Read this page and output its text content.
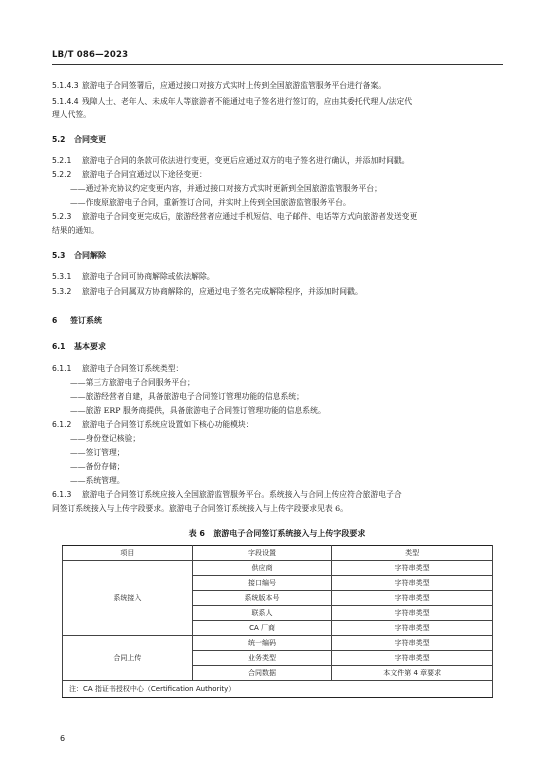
LB/T 086—2023
5.1.4.3 旅游电子合同签署后，应通过接口对接方式实时上传到全国旅游监管服务平台进行备案。
5.1.4.4 残障人士、老年人、未成年人等旅游者不能通过电子签名进行签订的，应由其委托代理人/法定代
理人代签。
5.2 合同变更
5.2.1 旅游电子合同的条款可依法进行变更，变更后应通过双方的电子签名进行确认，并添加时间戳。
5.2.2 旅游电子合同宜通过以下途径变更：
——通过补充协议约定变更内容，并通过接口对接方式实时更新到全国旅游监管服务平台；
——作废原旅游电子合同，重新签订合同，并实时上传到全国旅游监管服务平台。
5.2.3 旅游电子合同变更完成后，旅游经营者应通过手机短信、电子邮件、电话等方式向旅游者发送变更
结果的通知。
5.3 合同解除
5.3.1 旅游电子合同可协商解除或依法解除。
5.3.2 旅游电子合同属双方协商解除的，应通过电子签名完成解除程序，并添加时间戳。
6 签订系统
6.1 基本要求
6.1.1 旅游电子合同签订系统类型：
——第三方旅游电子合同服务平台；
——旅游经营者自建，具备旅游电子合同签订管理功能的信息系统；
——旅游 ERP 服务商提供，具备旅游电子合同签订管理功能的信息系统。
6.1.2 旅游电子合同签订系统应设置如下核心功能模块：
——身份登记核验；
——签订管理；
——备份存储；
——系统管理。
6.1.3 旅游电子合同签订系统应接入全国旅游监管服务平台。系统接入与合同上传应符合旅游电子合
同签订系统接入与上传字段要求。旅游电子合同签订系统接入与上传字段要求见表 6。
表 6 旅游电子合同签订系统接入与上传字段要求
项目	字段设置	类型
系统接入	供应商	字符串类型
	接口编号	字符串类型
	系统版本号	字符串类型
	联系人	字符串类型
	CA 厂商	字符串类型
合同上传	统一编码	字符串类型
	业务类型	字符串类型
	合同数据	本文件第 4 章要求
注：CA 指证书授权中心（Certification Authority）		
6
